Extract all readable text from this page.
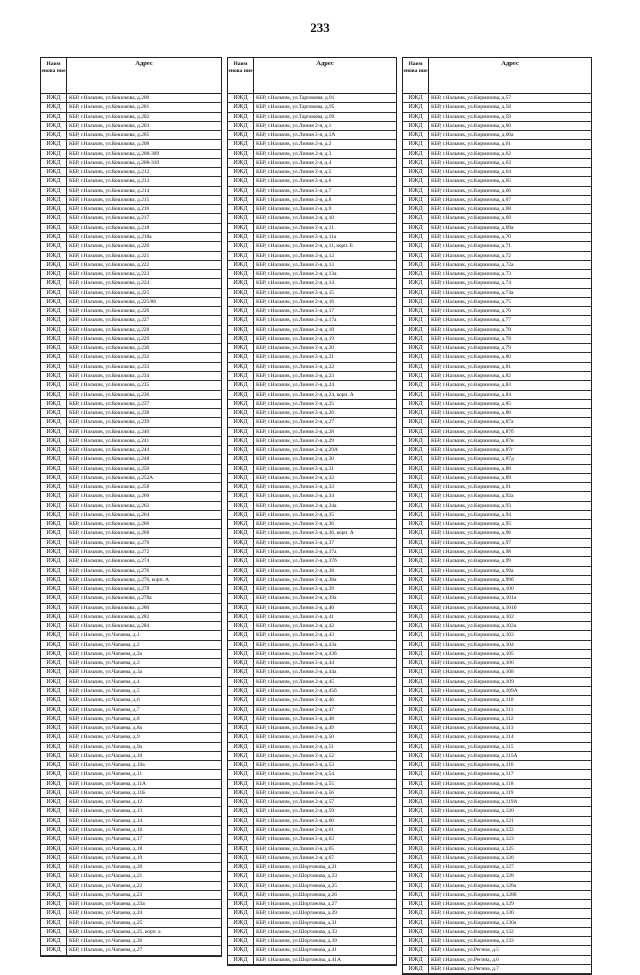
233
Наим енова ние
Адрес
ИЖД	КБР, г.Нальчик, ул.Кешокова, д.200
ИЖД	КБР, г.Нальчик, ул.Кешокова, д.201
ИЖД	КБР, г.Нальчик, ул.Кешокова, д.202
ИЖД	КБР, г.Нальчик, ул.Кешокова, д.203
ИЖД	КБР, г.Нальчик, ул.Кешокова, д.205
ИЖД	КБР, г.Нальчик, ул.Кешокова, д.208
ИЖД	КБР, г.Нальчик, ул.Кешокова, д.208-309
ИЖД	КБР, г.Нальчик, ул.Кешокова, д.208-310
ИЖД	КБР, г.Нальчик, ул.Кешокова, д.212
ИЖД	КБР, г.Нальчик, ул.Кешокова, д.213
ИЖД	КБР, г.Нальчик, ул.Кешокова, д.214
ИЖД	КБР, г.Нальчик, ул.Кешокова, д.215
ИЖД	КБР, г.Нальчик, ул.Кешокова, д.216
ИЖД	КБР, г.Нальчик, ул.Кешокова, д.217
ИЖД	КБР, г.Нальчик, ул.Кешокова, д.218
ИЖД	КБР, г.Нальчик, ул.Кешокова, д.218а
ИЖД	КБР, г.Нальчик, ул.Кешокова, д.220
ИЖД	КБР, г.Нальчик, ул.Кешокова, д.221
ИЖД	КБР, г.Нальчик, ул.Кешокова, д.222
ИЖД	КБР, г.Нальчик, ул.Кешокова, д.223
ИЖД	КБР, г.Нальчик, ул.Кешокова, д.224
ИЖД	КБР, г.Нальчик, ул.Кешокова, д.225
ИЖД	КБР, г.Нальчик, ул.Кешокова, д.225/86
ИЖД	КБР, г.Нальчик, ул.Кешокова, д.226
ИЖД	КБР, г.Нальчик, ул.Кешокова, д.227
ИЖД	КБР, г.Нальчик, ул.Кешокова, д.228
ИЖД	КБР, г.Нальчик, ул.Кешокова, д.229
ИЖД	КБР, г.Нальчик, ул.Кешокова, д.230
ИЖД	КБР, г.Нальчик, ул.Кешокова, д.232
ИЖД	КБР, г.Нальчик, ул.Кешокова, д.233
ИЖД	КБР, г.Нальчик, ул.Кешокова, д.234
ИЖД	КБР, г.Нальчик, ул.Кешокова, д.235
ИЖД	КБР, г.Нальчик, ул.Кешокова, д.236
ИЖД	КБР, г.Нальчик, ул.Кешокова, д.237
ИЖД	КБР, г.Нальчик, ул.Кешокова, д.238
ИЖД	КБР, г.Нальчик, ул.Кешокова, д.239
ИЖД	КБР, г.Нальчик, ул.Кешокова, д.240
ИЖД	КБР, г.Нальчик, ул.Кешокова, д.241
ИЖД	КБР, г.Нальчик, ул.Кешокова, д.244
ИЖД	КБР, г.Нальчик, ул.Кешокова, д.248
ИЖД	КБР, г.Нальчик, ул.Кешокова, д.250
ИЖД	КБР, г.Нальчик, ул.Кешокова, д.252А
ИЖД	КБР, г.Нальчик, ул.Кешокова, д.258
ИЖД	КБР, г.Нальчик, ул.Кешокова, д.260
ИЖД	КБР, г.Нальчик, ул.Кешокова, д.262
ИЖД	КБР, г.Нальчик, ул.Кешокова, д.264
ИЖД	КБР, г.Нальчик, ул.Кешокова, д.266
ИЖД	КБР, г.Нальчик, ул.Кешокова, д.268
ИЖД	КБР, г.Нальчик, ул.Кешокова, д.270
ИЖД	КБР, г.Нальчик, ул.Кешокова, д.272
ИЖД	КБР, г.Нальчик, ул.Кешокова, д.274
ИЖД	КБР, г.Нальчик, ул.Кешокова, д.276
ИЖД	КБР, г.Нальчик, ул.Кешокова, д.276, корп. А
ИЖД	КБР, г.Нальчик, ул.Кешокова, д.278
ИЖД	КБР, г.Нальчик, ул.Кешокова, д.278а
ИЖД	КБР, г.Нальчик, ул.Кешокова, д.280
ИЖД	КБР, г.Нальчик, ул.Кешокова, д.282
ИЖД	КБР, г.Нальчик, ул.Кешокова, д.284
ИЖД	КБР, г.Нальчик, ул.Чапаева, д.1
ИЖД	КБР, г.Нальчик, ул.Чапаева, д.2
ИЖД	КБР, г.Нальчик, ул.Чапаева, д.2а
ИЖД	КБР, г.Нальчик, ул.Чапаева, д.3
ИЖД	КБР, г.Нальчик, ул.Чапаева, д.3а
ИЖД	КБР, г.Нальчик, ул.Чапаева, д.4
ИЖД	КБР, г.Нальчик, ул.Чапаева, д.5
ИЖД	КБР, г.Нальчик, ул.Чапаева, д.6
ИЖД	КБР, г.Нальчик, ул.Чапаева, д.7
ИЖД	КБР, г.Нальчик, ул.Чапаева, д.8
ИЖД	КБР, г.Нальчик, ул.Чапаева, д.8а
ИЖД	КБР, г.Нальчик, ул.Чапаева, д.9
ИЖД	КБР, г.Нальчик, ул.Чапаева, д.9а
ИЖД	КБР, г.Нальчик, ул.Чапаева, д.10
ИЖД	КБР, г.Нальчик, ул.Чапаева, д.10а
ИЖД	КБР, г.Нальчик, ул.Чапаева, д.11
ИЖД	КБР, г.Нальчик, ул.Чапаева, д.11А
ИЖД	КБР, г.Нальчик, ул.Чапаева, д.11Б
ИЖД	КБР, г.Нальчик, ул.Чапаева, д.12
ИЖД	КБР, г.Нальчик, ул.Чапаева, д.13
ИЖД	КБР, г.Нальчик, ул.Чапаева, д.14
ИЖД	КБР, г.Нальчик, ул.Чапаева, д.16
ИЖД	КБР, г.Нальчик, ул.Чапаева, д.17
ИЖД	КБР, г.Нальчик, ул.Чапаева, д.18
ИЖД	КБР, г.Нальчик, ул.Чапаева, д.19
ИЖД	КБР, г.Нальчик, ул.Чапаева, д.20
ИЖД	КБР, г.Нальчик, ул.Чапаева, д.21
ИЖД	КБР, г.Нальчик, ул.Чапаева, д.22
ИЖД	КБР, г.Нальчик, ул.Чапаева, д.23
ИЖД	КБР, г.Нальчик, ул.Чапаева, д.23а
ИЖД	КБР, г.Нальчик, ул.Чапаева, д.24
ИЖД	КБР, г.Нальчик, ул.Чапаева, д.25
ИЖД	КБР, г.Нальчик, ул.Чапаева, д.25, корп. а
ИЖД	КБР, г.Нальчик, ул.Чапаева, д.26
ИЖД	КБР, г.Нальчик, ул.Чапаева, д.27
Наим енова ние
Адрес
ИЖД	КБР, г.Нальчик, ул.Тарчокова, д.91
ИЖД	КБР, г.Нальчик, ул.Тарчокова, д.95
ИЖД	КБР, г.Нальчик, ул.Тарчокова, д.99
ИЖД	КБР, г.Нальчик, ул.Линия 2-я, д.1
ИЖД	КБР, г.Нальчик, ул.Линия 2-я, д.1А
ИЖД	КБР, г.Нальчик, ул.Линия 2-я, д.2
ИЖД	КБР, г.Нальчик, ул.Линия 2-я, д.3
ИЖД	КБР, г.Нальчик, ул.Линия 2-я, д.4
ИЖД	КБР, г.Нальчик, ул.Линия 2-я, д.5
ИЖД	КБР, г.Нальчик, ул.Линия 2-я, д.6
ИЖД	КБР, г.Нальчик, ул.Линия 2-я, д.7
ИЖД	КБР, г.Нальчик, ул.Линия 2-я, д.8
ИЖД	КБР, г.Нальчик, ул.Линия 2-я, д.9
ИЖД	КБР, г.Нальчик, ул.Линия 2-я, д.10
ИЖД	КБР, г.Нальчик, ул.Линия 2-я, д.11
ИЖД	КБР, г.Нальчик, ул.Линия 2-я, д.11а
ИЖД	КБР, г.Нальчик, ул.Линия 2-я, д.11, корп. Б
ИЖД	КБР, г.Нальчик, ул.Линия 2-я, д.12
ИЖД	КБР, г.Нальчик, ул.Линия 2-я, д.13
ИЖД	КБР, г.Нальчик, ул.Линия 2-я, д.13а
ИЖД	КБР, г.Нальчик, ул.Линия 2-я, д.14
ИЖД	КБР, г.Нальчик, ул.Линия 2-я, д.15
ИЖД	КБР, г.Нальчик, ул.Линия 2-я, д.16
ИЖД	КБР, г.Нальчик, ул.Линия 2-я, д.17
ИЖД	КБР, г.Нальчик, ул.Линия 2-я, д.17а
ИЖД	КБР, г.Нальчик, ул.Линия 2-я, д.18
ИЖД	КБР, г.Нальчик, ул.Линия 2-я, д.19
ИЖД	КБР, г.Нальчик, ул.Линия 2-я, д.20
ИЖД	КБР, г.Нальчик, ул.Линия 2-я, д.21
ИЖД	КБР, г.Нальчик, ул.Линия 2-я, д.22
ИЖД	КБР, г.Нальчик, ул.Линия 2-я, д.23
ИЖД	КБР, г.Нальчик, ул.Линия 2-я, д.24
ИЖД	КБР, г.Нальчик, ул.Линия 2-я, д.24, корп. А
ИЖД	КБР, г.Нальчик, ул.Линия 2-я, д.25
ИЖД	КБР, г.Нальчик, ул.Линия 2-я, д.26
ИЖД	КБР, г.Нальчик, ул.Линия 2-я, д.27
ИЖД	КБР, г.Нальчик, ул.Линия 2-я, д.28
ИЖД	КБР, г.Нальчик, ул.Линия 2-я, д.29
ИЖД	КБР, г.Нальчик, ул.Линия 2-я, д.29А
ИЖД	КБР, г.Нальчик, ул.Линия 2-я, д.30
ИЖД	КБР, г.Нальчик, ул.Линия 2-я, д.31
ИЖД	КБР, г.Нальчик, ул.Линия 2-я, д.32
ИЖД	КБР, г.Нальчик, ул.Линия 2-я, д.33
ИЖД	КБР, г.Нальчик, ул.Линия 2-я, д.34
ИЖД	КБР, г.Нальчик, ул.Линия 2-я, д.34а
ИЖД	КБР, г.Нальчик, ул.Линия 2-я, д.35
ИЖД	КБР, г.Нальчик, ул.Линия 2-я, д.36
ИЖД	КБР, г.Нальчик, ул.Линия 2-я, д.36, корп. А
ИЖД	КБР, г.Нальчик, ул.Линия 2-я, д.37
ИЖД	КБР, г.Нальчик, ул.Линия 2-я, д.37а
ИЖД	КБР, г.Нальчик, ул.Линия 2-я, д.37б
ИЖД	КБР, г.Нальчик, ул.Линия 2-я, д.38
ИЖД	КБР, г.Нальчик, ул.Линия 2-я, д.38а
ИЖД	КБР, г.Нальчик, ул.Линия 2-я, д.39
ИЖД	КБР, г.Нальчик, ул.Линия 2-я, д.39а
ИЖД	КБР, г.Нальчик, ул.Линия 2-я, д.40
ИЖД	КБР, г.Нальчик, ул.Линия 2-я, д.41
ИЖД	КБР, г.Нальчик, ул.Линия 2-я, д.42
ИЖД	КБР, г.Нальчик, ул.Линия 2-я, д.43
ИЖД	КБР, г.Нальчик, ул.Линия 2-я, д.43а
ИЖД	КБР, г.Нальчик, ул.Линия 2-я, д.43б
ИЖД	КБР, г.Нальчик, ул.Линия 2-я, д.44
ИЖД	КБР, г.Нальчик, ул.Линия 2-я, д.44а
ИЖД	КБР, г.Нальчик, ул.Линия 2-я, д.45
ИЖД	КБР, г.Нальчик, ул.Линия 2-я, д.45б
ИЖД	КБР, г.Нальчик, ул.Линия 2-я, д.46
ИЖД	КБР, г.Нальчик, ул.Линия 2-я, д.47
ИЖД	КБР, г.Нальчик, ул.Линия 2-я, д.48
ИЖД	КБР, г.Нальчик, ул.Линия 2-я, д.49
ИЖД	КБР, г.Нальчик, ул.Линия 2-я, д.50
ИЖД	КБР, г.Нальчик, ул.Линия 2-я, д.51
ИЖД	КБР, г.Нальчик, ул.Линия 2-я, д.52
ИЖД	КБР, г.Нальчик, ул.Линия 2-я, д.53
ИЖД	КБР, г.Нальчик, ул.Линия 2-я, д.54
ИЖД	КБР, г.Нальчик, ул.Линия 2-я, д.55
ИЖД	КБР, г.Нальчик, ул.Линия 2-я, д.56
ИЖД	КБР, г.Нальчик, ул.Линия 2-я, д.57
ИЖД	КБР, г.Нальчик, ул.Линия 2-я, д.59
ИЖД	КБР, г.Нальчик, ул.Линия 2-я, д.60
ИЖД	КБР, г.Нальчик, ул.Линия 2-я, д.61
ИЖД	КБР, г.Нальчик, ул.Линия 2-я, д.63
ИЖД	КБР, г.Нальчик, ул.Линия 2-я, д.65
ИЖД	КБР, г.Нальчик, ул.Линия 2-я, д.67
ИЖД	КБР, г.Нальчик, ул.Шортанова, д.21
ИЖД	КБР, г.Нальчик, ул.Шортанова, д.23
ИЖД	КБР, г.Нальчик, ул.Шортанова, д.25
ИЖД	КБР, г.Нальчик, ул.Шортанова, д.26
ИЖД	КБР, г.Нальчик, ул.Шортанова, д.27
ИЖД	КБР, г.Нальчик, ул.Шортанова, д.29
ИЖД	КБР, г.Нальчик, ул.Шортанова, д.31
ИЖД	КБР, г.Нальчик, ул.Шортанова, д.33
ИЖД	КБР, г.Нальчик, ул.Шортанова, д.39
ИЖД	КБР, г.Нальчик, ул.Шортанова, д.41
ИЖД	КБР, г.Нальчик, ул.Шортанова, д.41А
Наим енова ние
Адрес
ИЖД	КБР, г.Нальчик, ул.Кирмизова, д.57
ИЖД	КБР, г.Нальчик, ул.Кирмизова, д.58
ИЖД	КБР, г.Нальчик, ул.Кирмизова, д.59
ИЖД	КБР, г.Нальчик, ул.Кирмизова, д.60
ИЖД	КБР, г.Нальчик, ул.Кирмизова, д.60а
ИЖД	КБР, г.Нальчик, ул.Кирмизова, д.61
ИЖД	КБР, г.Нальчик, ул.Кирмизова, д.62
ИЖД	КБР, г.Нальчик, ул.Кирмизова, д.63
ИЖД	КБР, г.Нальчик, ул.Кирмизова, д.64
ИЖД	КБР, г.Нальчик, ул.Кирмизова, д.65
ИЖД	КБР, г.Нальчик, ул.Кирмизова, д.66
ИЖД	КБР, г.Нальчик, ул.Кирмизова, д.67
ИЖД	КБР, г.Нальчик, ул.Кирмизова, д.68
ИЖД	КБР, г.Нальчик, ул.Кирмизова, д.69
ИЖД	КБР, г.Нальчик, ул.Кирмизова, д.69а
ИЖД	КБР, г.Нальчик, ул.Кирмизова, д.70
ИЖД	КБР, г.Нальчик, ул.Кирмизова, д.71
ИЖД	КБР, г.Нальчик, ул.Кирмизова, д.72
ИЖД	КБР, г.Нальчик, ул.Кирмизова, д.72а
ИЖД	КБР, г.Нальчик, ул.Кирмизова, д.73
ИЖД	КБР, г.Нальчик, ул.Кирмизова, д.74
ИЖД	КБР, г.Нальчик, ул.Кирмизова, д.74а
ИЖД	КБР, г.Нальчик, ул.Кирмизова, д.75
ИЖД	КБР, г.Нальчик, ул.Кирмизова, д.76
ИЖД	КБР, г.Нальчик, ул.Кирмизова, д.77
ИЖД	КБР, г.Нальчик, ул.Кирмизова, д.78
ИЖД	КБР, г.Нальчик, ул.Кирмизова, д.78
ИЖД	КБР, г.Нальчик, ул.Кирмизова, д.79
ИЖД	КБР, г.Нальчик, ул.Кирмизова, д.80
ИЖД	КБР, г.Нальчик, ул.Кирмизова, д.81
ИЖД	КБР, г.Нальчик, ул.Кирмизова, д.82
ИЖД	КБР, г.Нальчик, ул.Кирмизова, д.83
ИЖД	КБР, г.Нальчик, ул.Кирмизова, д.84
ИЖД	КБР, г.Нальчик, ул.Кирмизова, д.85
ИЖД	КБР, г.Нальчик, ул.Кирмизова, д.86
ИЖД	КБР, г.Нальчик, ул.Кирмизова, д.87а
ИЖД	КБР, г.Нальчик, ул.Кирмизова, д.87б
ИЖД	КБР, г.Нальчик, ул.Кирмизова, д.87в
ИЖД	КБР, г.Нальчик, ул.Кирмизова, д.87г
ИЖД	КБР, г.Нальчик, ул.Кирмизова, д.87д
ИЖД	КБР, г.Нальчик, ул.Кирмизова, д.88
ИЖД	КБР, г.Нальчик, ул.Кирмизова, д.89
ИЖД	КБР, г.Нальчик, ул.Кирмизова, д.91
ИЖД	КБР, г.Нальчик, ул.Кирмизова, д.92а
ИЖД	КБР, г.Нальчик, ул.Кирмизова, д.93
ИЖД	КБР, г.Нальчик, ул.Кирмизова, д.94
ИЖД	КБР, г.Нальчик, ул.Кирмизова, д.95
ИЖД	КБР, г.Нальчик, ул.Кирмизова, д.96
ИЖД	КБР, г.Нальчик, ул.Кирмизова, д.97
ИЖД	КБР, г.Нальчик, ул.Кирмизова, д.98
ИЖД	КБР, г.Нальчик, ул.Кирмизова, д.99
ИЖД	КБР, г.Нальчик, ул.Кирмизова, д.99а
ИЖД	КБР, г.Нальчик, ул.Кирмизова, д.99б
ИЖД	КБР, г.Нальчик, ул.Кирмизова, д.100
ИЖД	КБР, г.Нальчик, ул.Кирмизова, д.101а
ИЖД	КБР, г.Нальчик, ул.Кирмизова, д.101б
ИЖД	КБР, г.Нальчик, ул.Кирмизова, д.102
ИЖД	КБР, г.Нальчик, ул.Кирмизова, д.102а
ИЖД	КБР, г.Нальчик, ул.Кирмизова, д.103
ИЖД	КБР, г.Нальчик, ул.Кирмизова, д.104
ИЖД	КБР, г.Нальчик, ул.Кирмизова, д.105
ИЖД	КБР, г.Нальчик, ул.Кирмизова, д.106
ИЖД	КБР, г.Нальчик, ул.Кирмизова, д.108
ИЖД	КБР, г.Нальчик, ул.Кирмизова, д.109
ИЖД	КБР, г.Нальчик, ул.Кирмизова, д.109А
ИЖД	КБР, г.Нальчик, ул.Кирмизова, д.110
ИЖД	КБР, г.Нальчик, ул.Кирмизова, д.111
ИЖД	КБР, г.Нальчик, ул.Кирмизова, д.112
ИЖД	КБР, г.Нальчик, ул.Кирмизова, д.113
ИЖД	КБР, г.Нальчик, ул.Кирмизова, д.114
ИЖД	КБР, г.Нальчик, ул.Кирмизова, д.115
ИЖД	КБР, г.Нальчик, ул.Кирмизова, д.115А
ИЖД	КБР, г.Нальчик, ул.Кирмизова, д.116
ИЖД	КБР, г.Нальчик, ул.Кирмизова, д.117
ИЖД	КБР, г.Нальчик, ул.Кирмизова, д.118
ИЖД	КБР, г.Нальчик, ул.Кирмизова, д.119
ИЖД	КБР, г.Нальчик, ул.Кирмизова, д.119А
ИЖД	КБР, г.Нальчик, ул.Кирмизова, д.120
ИЖД	КБР, г.Нальчик, ул.Кирмизова, д.121
ИЖД	КБР, г.Нальчик, ул.Кирмизова, д.122
ИЖД	КБР, г.Нальчик, ул.Кирмизова, д.123
ИЖД	КБР, г.Нальчик, ул.Кирмизова, д.125
ИЖД	КБР, г.Нальчик, ул.Кирмизова, д.126
ИЖД	КБР, г.Нальчик, ул.Кирмизова, д.127
ИЖД	КБР, г.Нальчик, ул.Кирмизова, д.128
ИЖД	КБР, г.Нальчик, ул.Кирмизова, д.128а
ИЖД	КБР, г.Нальчик, ул.Кирмизова, д.128б
ИЖД	КБР, г.Нальчик, ул.Кирмизова, д.129
ИЖД	КБР, г.Нальчик, ул.Кирмизова, д.130
ИЖД	КБР, г.Нальчик, ул.Кирмизова, д.130а
ИЖД	КБР, г.Нальчик, ул.Кирмизова, д.132
ИЖД	КБР, г.Нальчик, ул.Кирмизова, д.133
ИЖД	КБР, г.Нальчик, ул.Регина, д.5
ИЖД	КБР, г.Нальчик, ул.Регина, д.6
ИЖД	КБР, г.Нальчик, ул.Регина, д.7
